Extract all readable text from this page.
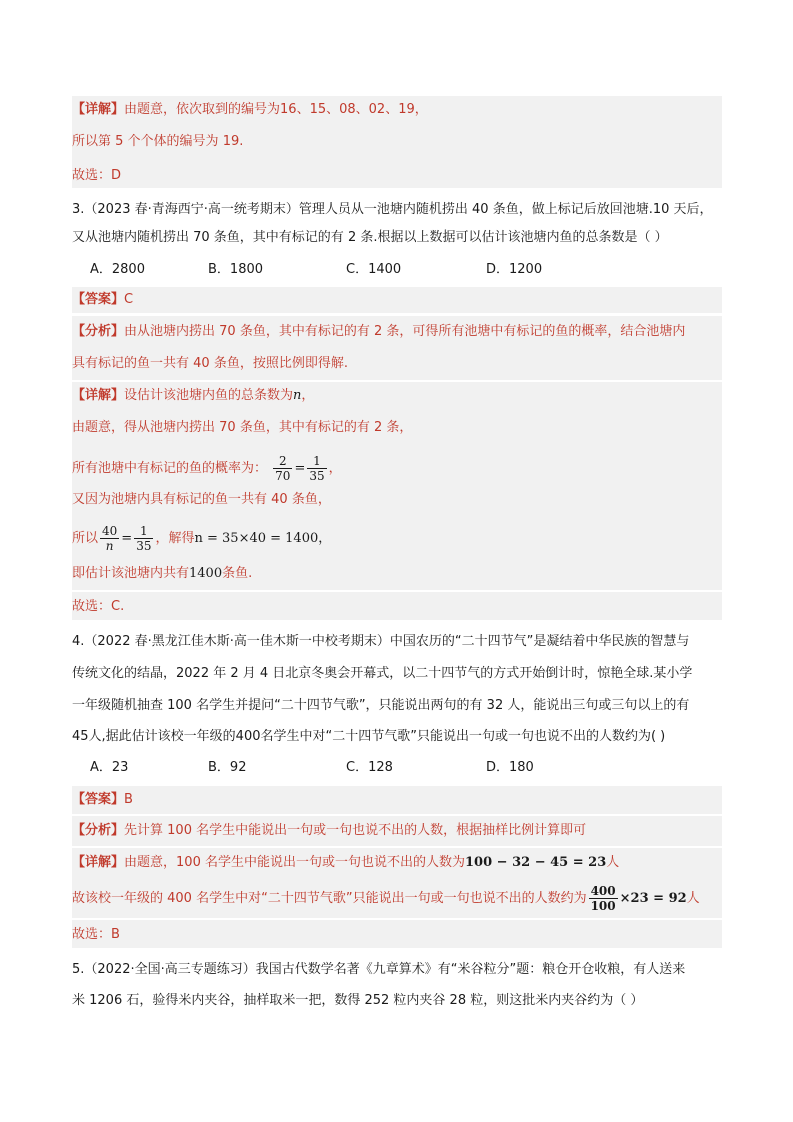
【详解】由题意，依次取到的编号为16、15、08、02、19，
所以第 5 个个体的编号为 19.
故选：D
3.（2023 春·青海西宁·高一统考期末）管理人员从一池塘内随机捞出 40 条鱼，做上标记后放回池塘.10 天后，
又从池塘内随机捞出 70 条鱼，其中有标记的有 2 条.根据以上数据可以估计该池塘内鱼的总条数是（ ）
A．2800	B．1800	C．1400	D．1200
【答案】C
【分析】由从池塘内捞出 70 条鱼，其中有标记的有 2 条，可得所有池塘中有标记的鱼的概率，结合池塘内
具有标记的鱼一共有 40 条鱼，按照比例即得解.
【详解】设估计该池塘内鱼的总条数为n，
由题意，得从池塘内捞出 70 条鱼，其中有标记的有 2 条，
所有池塘中有标记的鱼的概率为： $\frac{2}{70} = \frac{1}{35}$ ，
又因为池塘内具有标记的鱼一共有 40 条鱼，
所以 $\frac{40}{n} = \frac{1}{35}$ ，解得n = 35×40 = 1400，
即估计该池塘内共有1400条鱼.
故选：C.
4.（2022 春·黑龙江佳木斯·高一佳木斯一中校考期末）中国农历的“二十四节气”是凝结着中华民族的智慧与
传统文化的结晶，2022 年 2 月 4 日北京冬奥会开幕式，以二十四节气的方式开始倒计时，惊艳全球.某小学
一年级随机抽查 100 名学生并提问“二十四节气歌”，只能说出两句的有 32 人，能说出三句或三句以上的有
45人,据此估计该校一年级的400名学生中对“二十四节气歌”只能说出一句或一句也说不出的人数约为( )
A．23	B．92	C．128	D．180
【答案】B
【分析】先计算 100 名学生中能说出一句或一句也说不出的人数，根据抽样比例计算即可
【详解】由题意，100 名学生中能说出一句或一句也说不出的人数为100 − 32 − 45 = 23人
故该校一年级的 400 名学生中对“二十四节气歌”只能说出一句或一句也说不出的人数约为 $\frac{400}{100} \times 23 = 92$人
故选：B
5.（2022·全国·高三专题练习）我国古代数学名著《九章算术》有“米谷粒分”题：粮仓开仓收粮，有人送来
米 1206 石，验得米内夹谷，抽样取米一把，数得 252 粒内夹谷 28 粒，则这批米内夹谷约为（ ）
